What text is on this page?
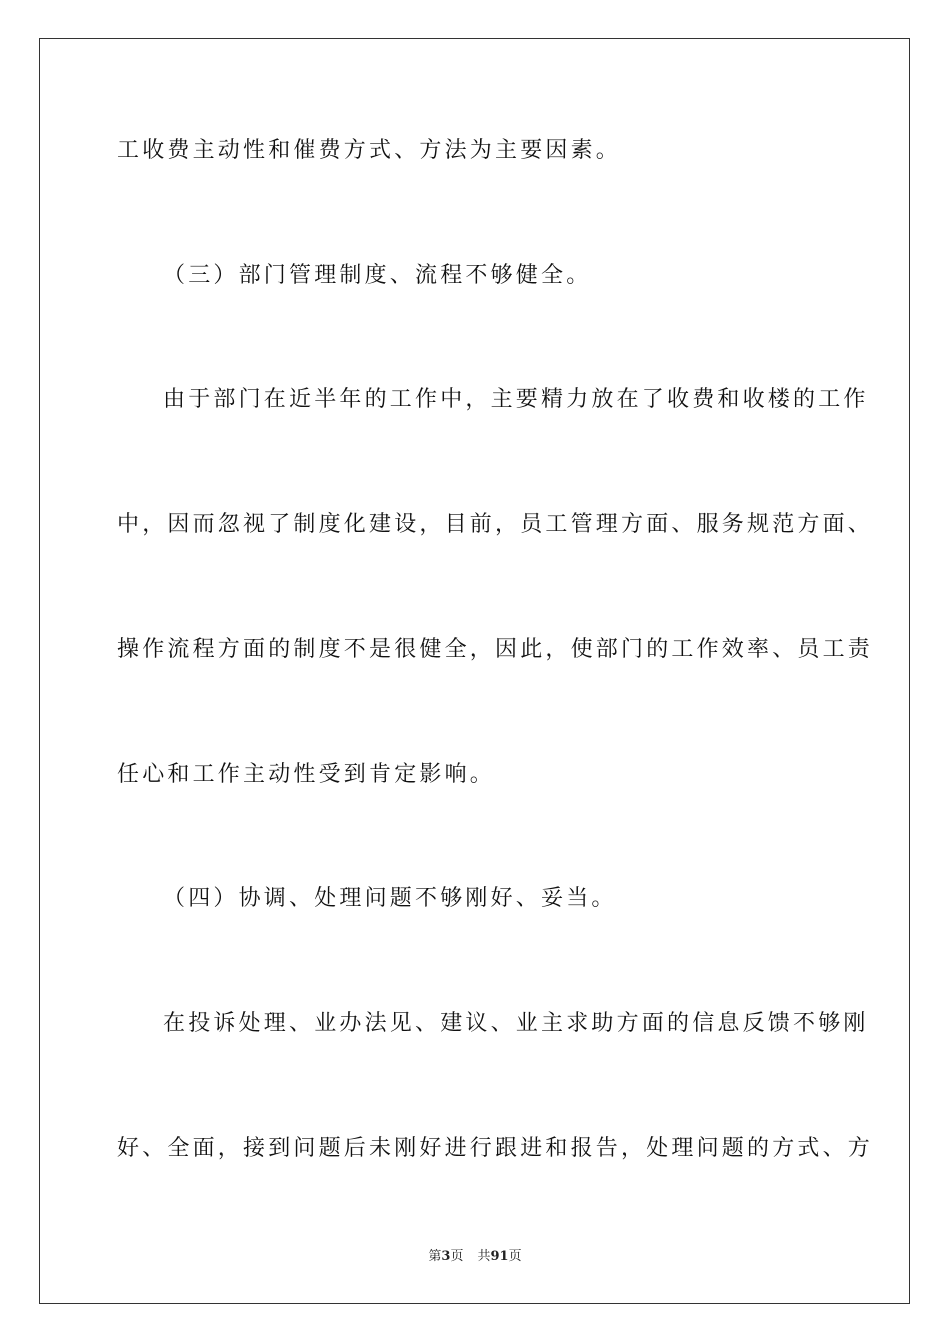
工收费主动性和催费方式、方法为主要因素。
（三）部门管理制度、流程不够健全。
由于部门在近半年的工作中，主要精力放在了收费和收楼的工作
中，因而忽视了制度化建设，目前，员工管理方面、服务规范方面、
操作流程方面的制度不是很健全，因此，使部门的工作效率、员工责
任心和工作主动性受到肯定影响。
（四）协调、处理问题不够刚好、妥当。
在投诉处理、业办法见、建议、业主求助方面的信息反馈不够刚
好、全面，接到问题后未刚好进行跟进和报告，处理问题的方式、方
第3页 共91页
